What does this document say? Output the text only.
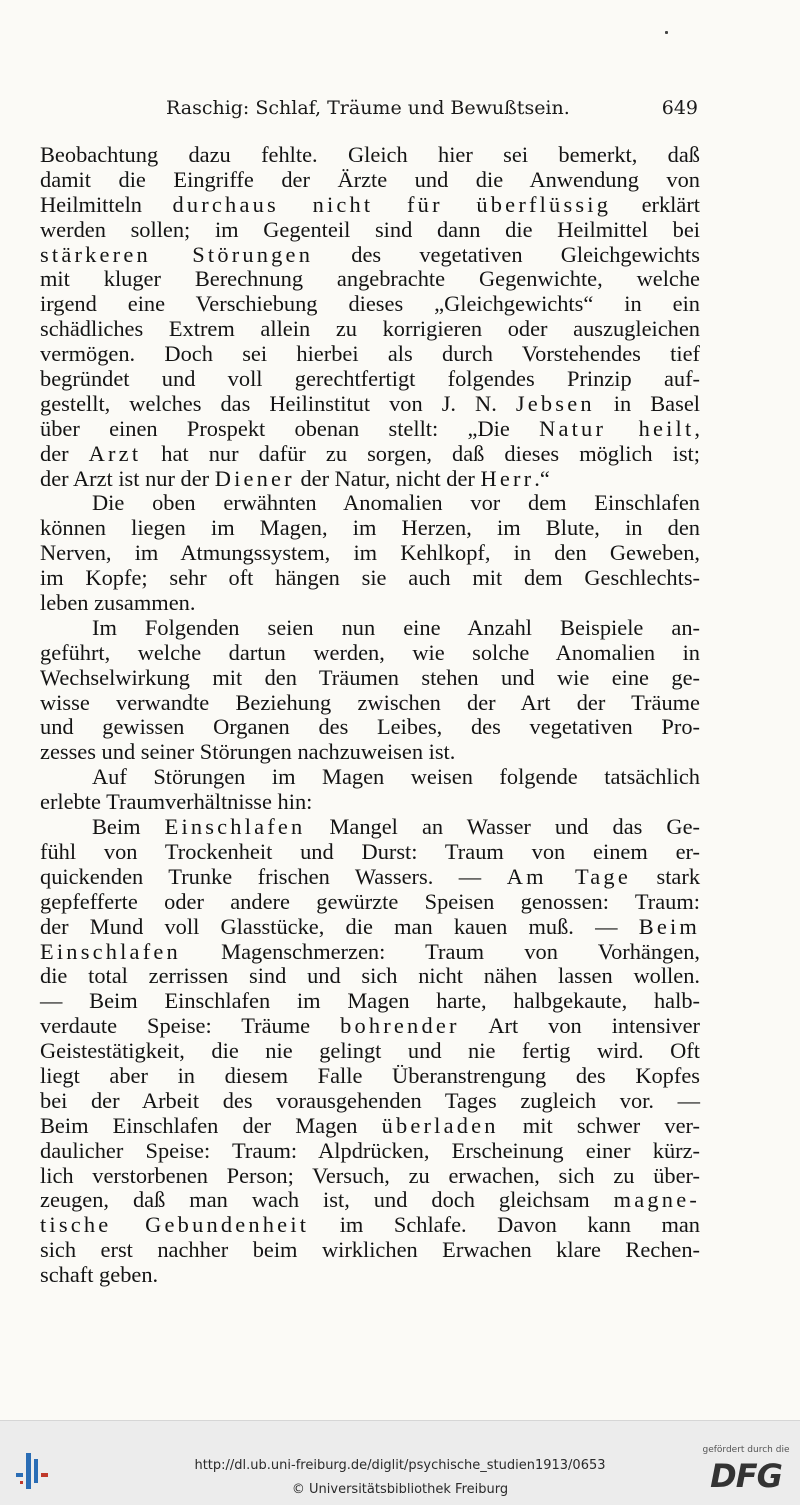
Raschig: Schlaf, Träume und Bewußtsein.	649
Beobachtung dazu fehlte. Gleich hier sei bemerkt, daß
damit die Eingriffe der Ärzte und die Anwendung von
Heilmitteln durchaus nicht für überflüssig erklärt
werden sollen; im Gegenteil sind dann die Heilmittel bei
stärkeren Störungen des vegetativen Gleichgewichts
mit kluger Berechnung angebrachte Gegenwichte, welche
irgend eine Verschiebung dieses „Gleichgewichts“ in ein
schädliches Extrem allein zu korrigieren oder auszugleichen
vermögen. Doch sei hierbei als durch Vorstehendes tief
begründet und voll gerechtfertigt folgendes Prinzip auf-
gestellt, welches das Heilinstitut von J. N. Jebsen in Basel
über einen Prospekt obenan stellt: „Die Natur heilt,
der Arzt hat nur dafür zu sorgen, daß dieses möglich ist;
der Arzt ist nur der Diener der Natur, nicht der Herr.“
Die oben erwähnten Anomalien vor dem Einschlafen
können liegen im Magen, im Herzen, im Blute, in den
Nerven, im Atmungssystem, im Kehlkopf, in den Geweben,
im Kopfe; sehr oft hängen sie auch mit dem Geschlechts-
leben zusammen.
Im Folgenden seien nun eine Anzahl Beispiele an-
geführt, welche dartun werden, wie solche Anomalien in
Wechselwirkung mit den Träumen stehen und wie eine ge-
wisse verwandte Beziehung zwischen der Art der Träume
und gewissen Organen des Leibes, des vegetativen Pro-
zesses und seiner Störungen nachzuweisen ist.
Auf Störungen im Magen weisen folgende tatsächlich
erlebte Traumverhältnisse hin:
Beim Einschlafen Mangel an Wasser und das Ge-
fühl von Trockenheit und Durst: Traum von einem er-
quickenden Trunke frischen Wassers. — Am Tage stark
gepfefferte oder andere gewürzte Speisen genossen: Traum:
der Mund voll Glasstücke, die man kauen muß. — Beim
Einschlafen Magenschmerzen: Traum von Vorhängen,
die total zerrissen sind und sich nicht nähen lassen wollen.
— Beim Einschlafen im Magen harte, halbgekaute, halb-
verdaute Speise: Träume bohrender Art von intensiver
Geistestätigkeit, die nie gelingt und nie fertig wird. Oft
liegt aber in diesem Falle Überanstrengung des Kopfes
bei der Arbeit des vorausgehenden Tages zugleich vor. —
Beim Einschlafen der Magen überladen mit schwer ver-
daulicher Speise: Traum: Alpdrücken, Erscheinung einer kürz-
lich verstorbenen Person; Versuch, zu erwachen, sich zu über-
zeugen, daß man wach ist, und doch gleichsam magne-
tische Gebundenheit im Schlafe. Davon kann man
sich erst nachher beim wirklichen Erwachen klare Rechen-
schaft geben.
http://dl.ub.uni-freiburg.de/diglit/psychische_studien1913/0653
© Universitätsbibliothek Freiburg
gefördert durch die
DFG
